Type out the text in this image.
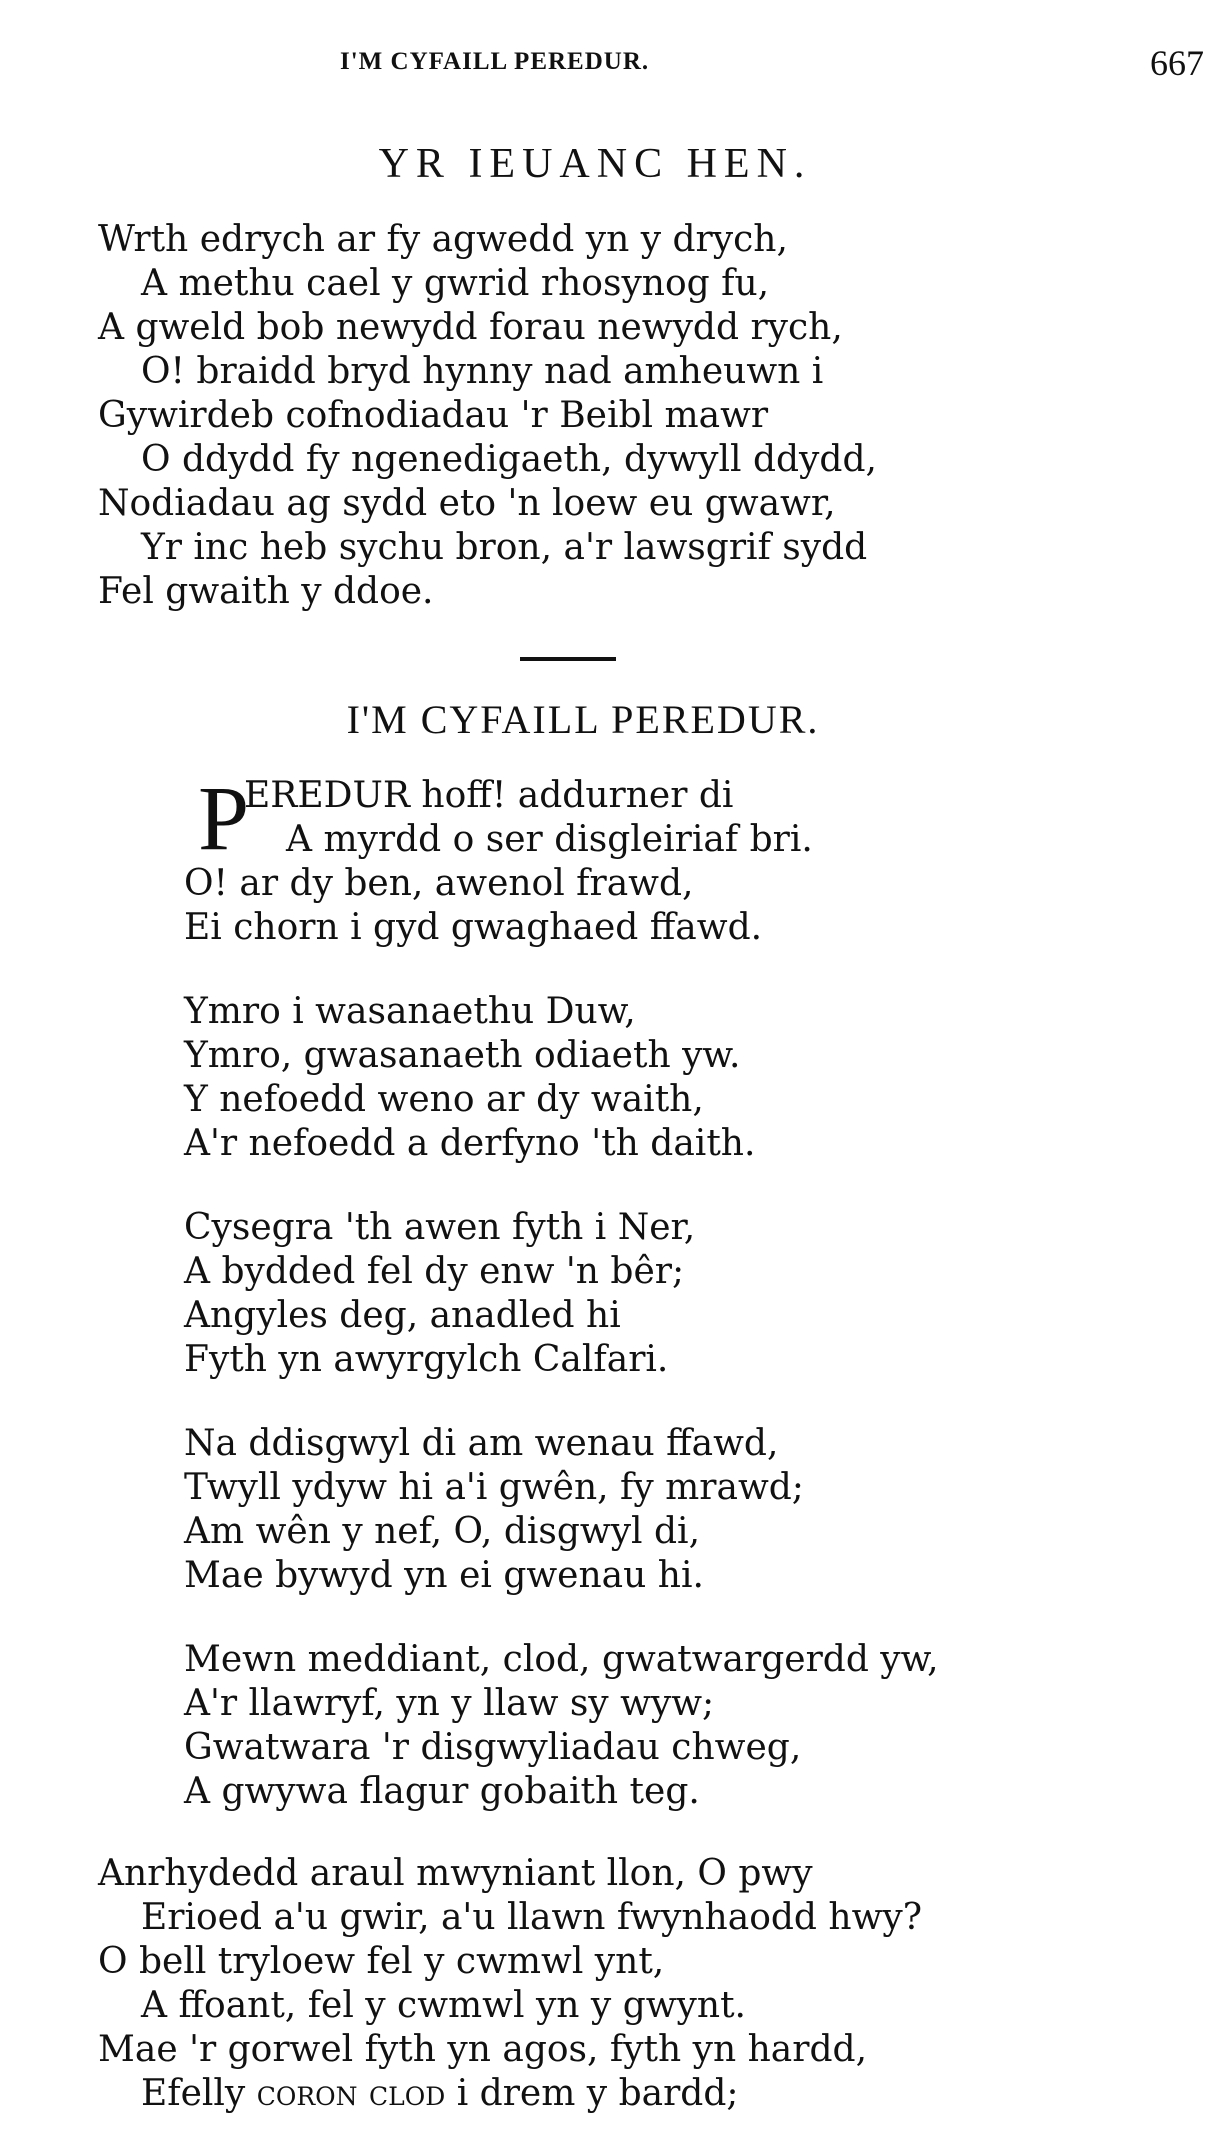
I'M CYFAILL PEREDUR.	667
YR IEUANC HEN.
Wrth edrych ar fy agwedd yn y drych,
A methu cael y gwrid rhosynog fu,
A gweld bob newydd forau newydd rych,
O! braidd bryd hynny nad amheuwn i
Gywirdeb cofnodiadau 'r Beibl mawr
O ddydd fy ngenedigaeth, dywyll ddydd,
Nodiadau ag sydd eto 'n loew eu gwawr,
Yr inc heb sychu bron, a'r lawsgrif sydd
Fel gwaith y ddoe.
I'M CYFAILL PEREDUR.
P
EREDUR hoff! addurner di
A myrdd o ser disgleiriaf bri.
O! ar dy ben, awenol frawd,
Ei chorn i gyd gwaghaed ffawd.
Ymro i wasanaethu Duw,
Ymro, gwasanaeth odiaeth yw.
Y nefoedd weno ar dy waith,
A'r nefoedd a derfyno 'th daith.
Cysegra 'th awen fyth i Ner,
A bydded fel dy enw 'n bêr;
Angyles deg, anadled hi
Fyth yn awyrgylch Calfari.
Na ddisgwyl di am wenau ffawd,
Twyll ydyw hi a'i gwên, fy mrawd;
Am wên y nef, O, disgwyl di,
Mae bywyd yn ei gwenau hi.
Mewn meddiant, clod, gwatwargerdd yw,
A'r llawryf, yn y llaw sy wyw;
Gwatwara 'r disgwyliadau chweg,
A gwywa flagur gobaith teg.
Anrhydedd araul mwyniant llon, O pwy
Erioed a'u gwir, a'u llawn fwynhaodd hwy?
O bell tryloew fel y cwmwl ynt,
A ffoant, fel y cwmwl yn y gwynt.
Mae 'r gorwel fyth yn agos, fyth yn hardd,
Efelly coron clod i drem y bardd;
